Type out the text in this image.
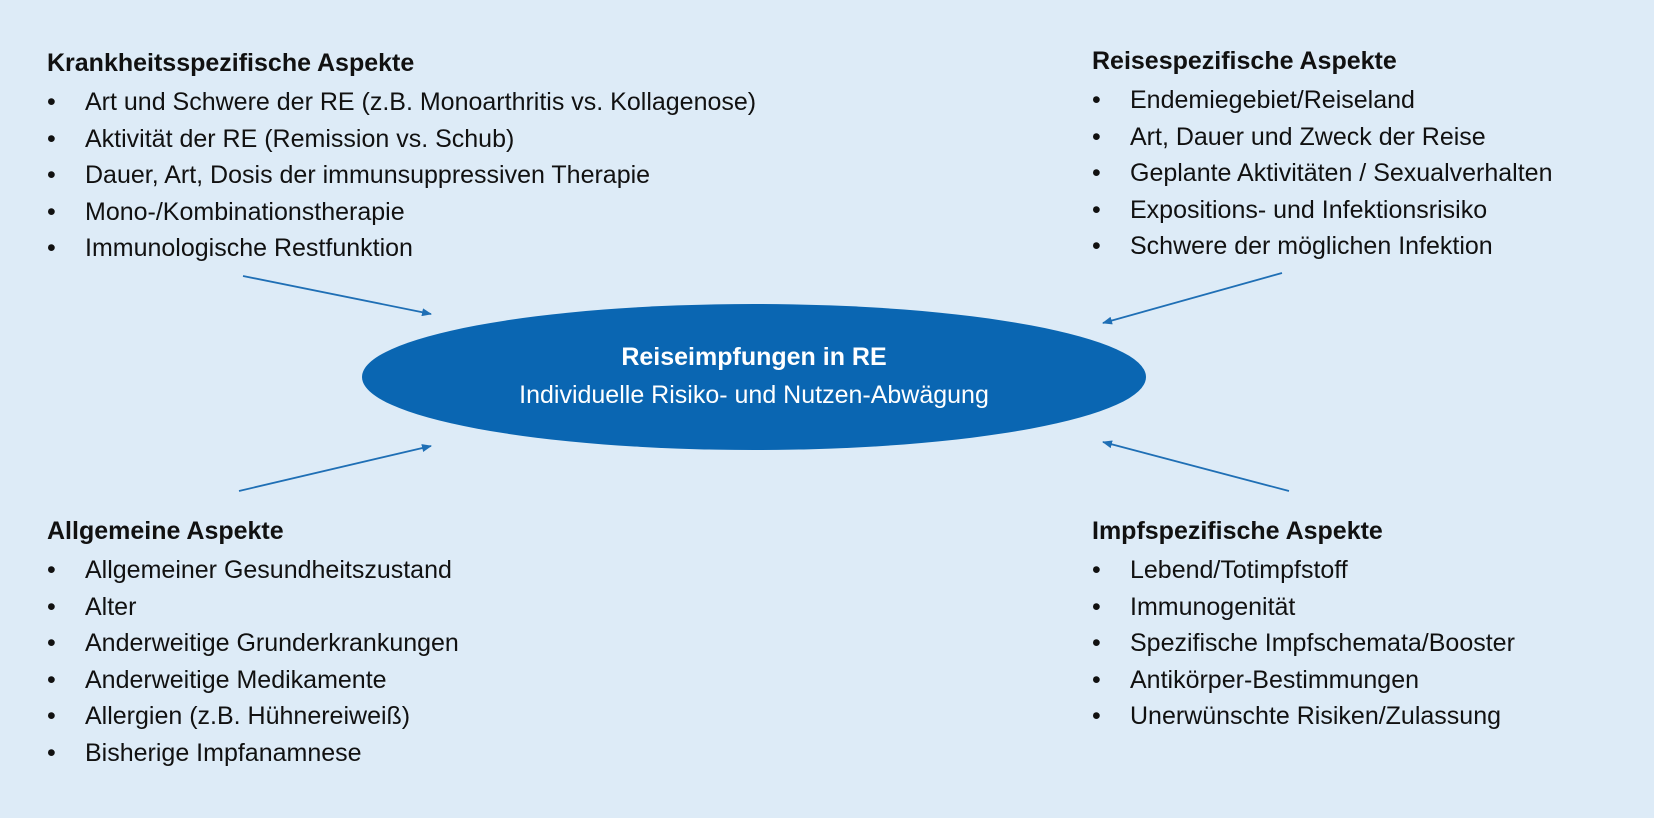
Reiseimpfungen in RE
Individuelle Risiko- und Nutzen-Abwägung
Krankheitsspezifische Aspekte
• Art und Schwere der RE (z.B. Monoarthritis vs. Kollagenose)
• Aktivität der RE (Remission vs. Schub)
• Dauer, Art, Dosis der immunsuppressiven Therapie
• Mono-/Kombinationstherapie
• Immunologische Restfunktion
Reisespezifische Aspekte
• Endemiegebiet/Reiseland
• Art, Dauer und Zweck der Reise
• Geplante Aktivitäten / Sexualverhalten
• Expositions- und Infektionsrisiko
• Schwere der möglichen Infektion
Allgemeine Aspekte
• Allgemeiner Gesundheitszustand
• Alter
• Anderweitige Grunderkrankungen
• Anderweitige Medikamente
• Allergien (z.B. Hühnereiweiß)
• Bisherige Impfanamnese
Impfspezifische Aspekte
• Lebend/Totimpfstoff
• Immunogenität
• Spezifische Impfschemata/Booster
• Antikörper-Bestimmungen
• Unerwünschte Risiken/Zulassung
